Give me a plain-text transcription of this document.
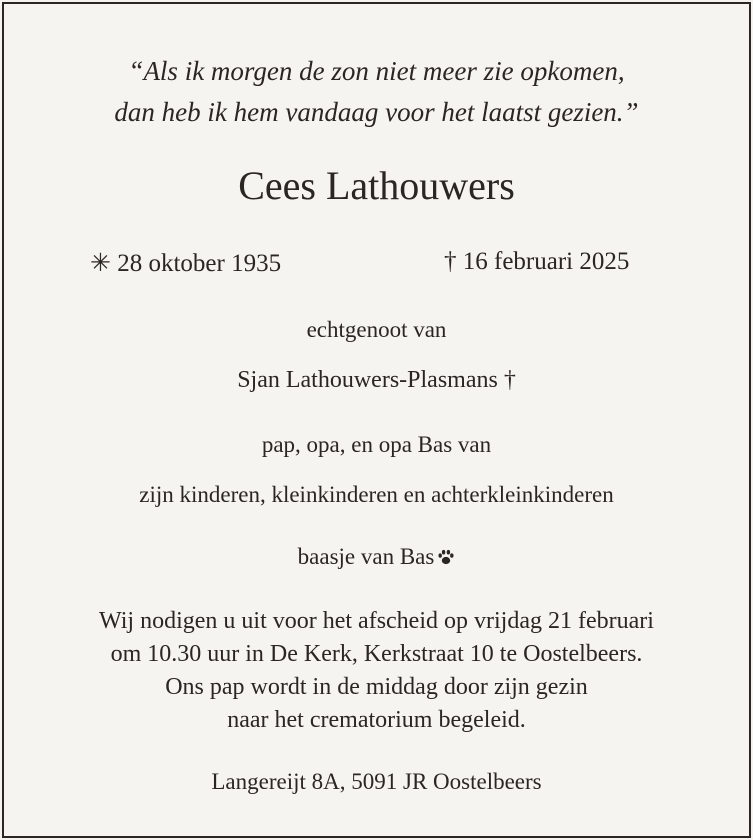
“Als ik morgen de zon niet meer zie opkomen,
dan heb ik hem vandaag voor het laatst gezien.”
Cees Lathouwers
✳ 28 oktober 1935	† 16 februari 2025
echtgenoot van
Sjan Lathouwers-Plasmans †
pap, opa, en opa Bas van
zijn kinderen, kleinkinderen en achterkleinkinderen
baasje van Bas
Wij nodigen u uit voor het afscheid op vrijdag 21 februari
om 10.30 uur in De Kerk, Kerkstraat 10 te Oostelbeers.
Ons pap wordt in de middag door zijn gezin
naar het crematorium begeleid.
Langereijt 8A, 5091 JR Oostelbeers
